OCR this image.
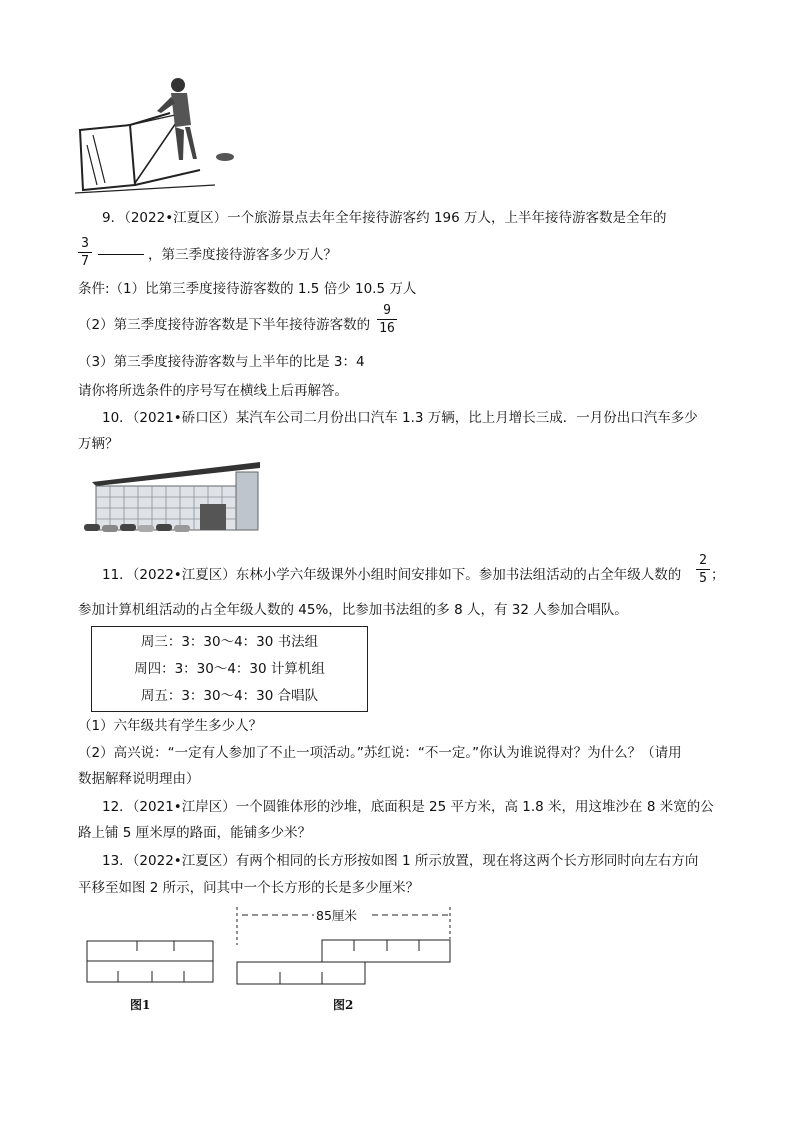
9．（2022•江夏区）一个旅游景点去年全年接待游客约 196 万人，上半年接待游客数是全年的
3
7	，第三季度接待游客多少万人？
条件:（1）比第三季度接待游客数的 1.5 倍少 10.5 万人
（2）第三季度接待游客数是下半年接待游客数的
9
16
（3）第三季度接待游客数与上半年的比是 3：4
请你将所选条件的序号写在横线上后再解答。
10．（2021•硚口区）某汽车公司二月份出口汽车 1.3 万辆，比上月增长三成．一月份出口汽车多少
万辆？
11．（2022•江夏区）东林小学六年级课外小组时间安排如下。参加书法组活动的占全年级人数的
2
5 ；
参加计算机组活动的占全年级人数的 45%，比参加书法组的多 8 人，有 32 人参加合唱队。
周三：3：30～4：30 书法组
周四：3：30～4：30 计算机组
周五：3：30～4：30 合唱队
（1）六年级共有学生多少人？
（2）高兴说：“一定有人参加了不止一项活动。”苏红说：“不一定。”你认为谁说得对？为什么？（请用
数据解释说明理由）
12．（2021•江岸区）一个圆锥体形的沙堆，底面积是 25 平方米，高 1.8 米，用这堆沙在 8 米宽的公
路上铺 5 厘米厚的路面，能铺多少米？
13．（2022•江夏区）有两个相同的长方形按如图 1 所示放置，现在将这两个长方形同时向左右方向
平移至如图 2 所示，问其中一个长方形的长是多少厘米？
图1
85厘米
图2
